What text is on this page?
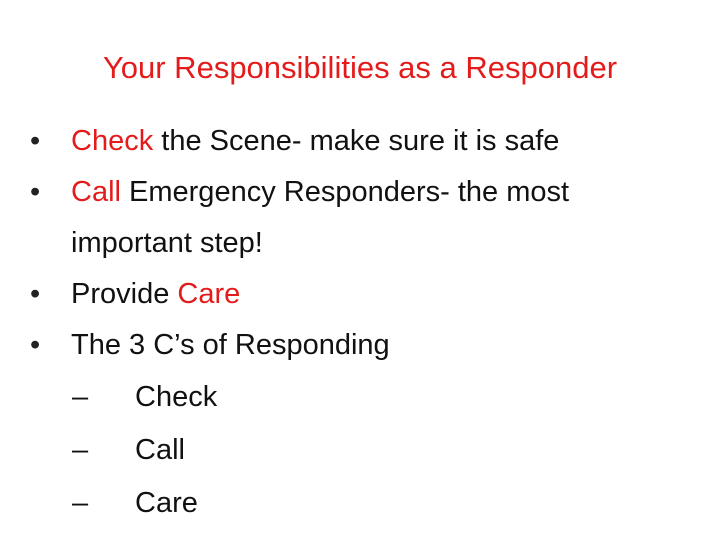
Your Responsibilities as a Responder
•	Check the Scene- make sure it is safe
•	Call Emergency Responders- the most
important step!
•	Provide Care
•	The 3 C’s of Responding
– Check
– Call
– Care
